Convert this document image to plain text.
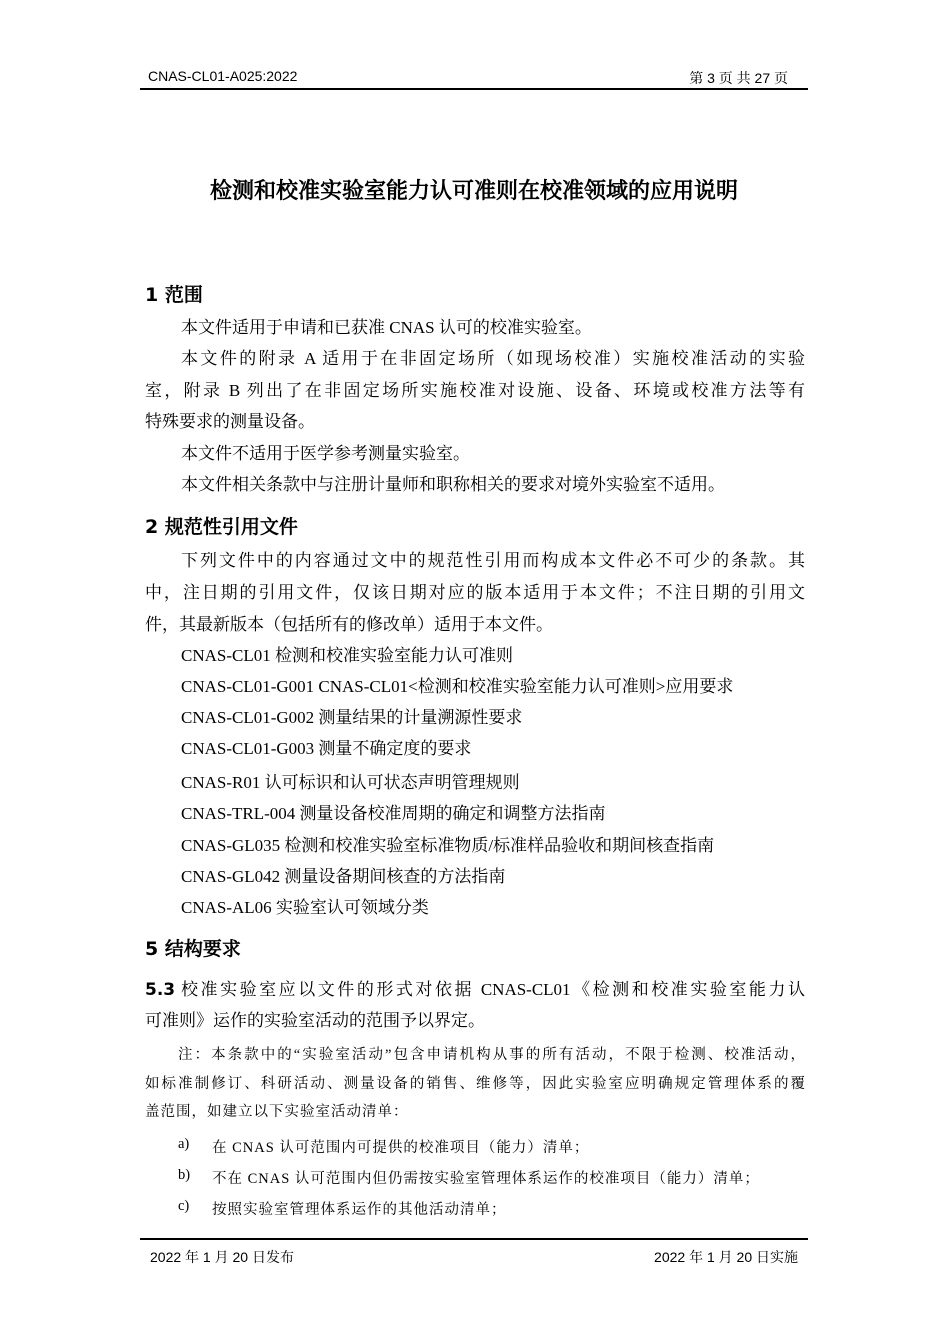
CNAS-CL01-A025:2022	第 3 页 共 27 页
检测和校准实验室能力认可准则在校准领域的应用说明
1 范围
本文件适用于申请和已获准 CNAS 认可的校准实验室。
本文件的附录 A 适用于在非固定场所（如现场校准）实施校准活动的实验
室，附录 B 列出了在非固定场所实施校准对设施、设备、环境或校准方法等有
特殊要求的测量设备。
本文件不适用于医学参考测量实验室。
本文件相关条款中与注册计量师和职称相关的要求对境外实验室不适用。
2 规范性引用文件
下列文件中的内容通过文中的规范性引用而构成本文件必不可少的条款。其
中，注日期的引用文件，仅该日期对应的版本适用于本文件；不注日期的引用文
件，其最新版本（包括所有的修改单）适用于本文件。
CNAS-CL01 检测和校准实验室能力认可准则
CNAS-CL01-G001 CNAS-CL01<检测和校准实验室能力认可准则>应用要求
CNAS-CL01-G002 测量结果的计量溯源性要求
CNAS-CL01-G003 测量不确定度的要求
CNAS-R01 认可标识和认可状态声明管理规则
CNAS-TRL-004 测量设备校准周期的确定和调整方法指南
CNAS-GL035 检测和校准实验室标准物质/标准样品验收和期间核查指南
CNAS-GL042 测量设备期间核查的方法指南
CNAS-AL06 实验室认可领域分类
5 结构要求
5.3 校准实验室应以文件的形式对依据 CNAS-CL01《检测和校准实验室能力认
可准则》运作的实验室活动的范围予以界定。
注：本条款中的“实验室活动”包含申请机构从事的所有活动，不限于检测、校准活动，
如标准制修订、科研活动、测量设备的销售、维修等，因此实验室应明确规定管理体系的覆
盖范围，如建立以下实验室活动清单：
a) 在 CNAS 认可范围内可提供的校准项目（能力）清单；
b) 不在 CNAS 认可范围内但仍需按实验室管理体系运作的校准项目（能力）清单；
c) 按照实验室管理体系运作的其他活动清单；
2022 年 1 月 20 日发布	2022 年 1 月 20 日实施
